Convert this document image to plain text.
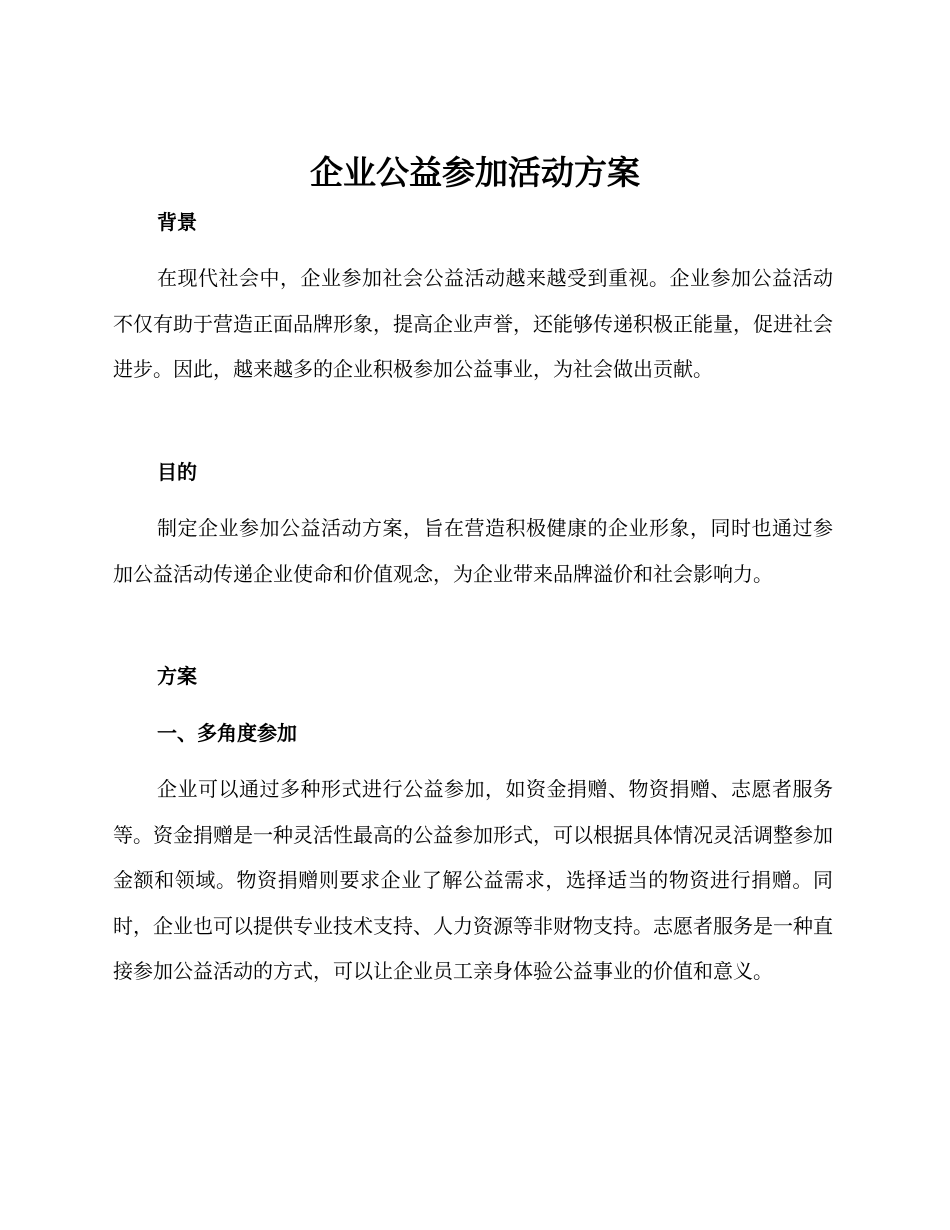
企业公益参加活动方案
背景

在现代社会中，企业参加社会公益活动越来越受到重视。企业参加公益活动不仅有助于营造正面品牌形象，提高企业声誉，还能够传递积极正能量，促进社会进步。因此，越来越多的企业积极参加公益事业，为社会做出贡献。

目的

制定企业参加公益活动方案，旨在营造积极健康的企业形象，同时也通过参加公益活动传递企业使命和价值观念，为企业带来品牌溢价和社会影响力。

方案
一、多角度参加

企业可以通过多种形式进行公益参加，如资金捐赠、物资捐赠、志愿者服务等。资金捐赠是一种灵活性最高的公益参加形式，可以根据具体情况灵活调整参加金额和领域。物资捐赠则要求企业了解公益需求，选择适当的物资进行捐赠。同时，企业也可以提供专业技术支持、人力资源等非财物支持。志愿者服务是一种直接参加公益活动的方式，可以让企业员工亲身体验公益事业的价值和意义。
